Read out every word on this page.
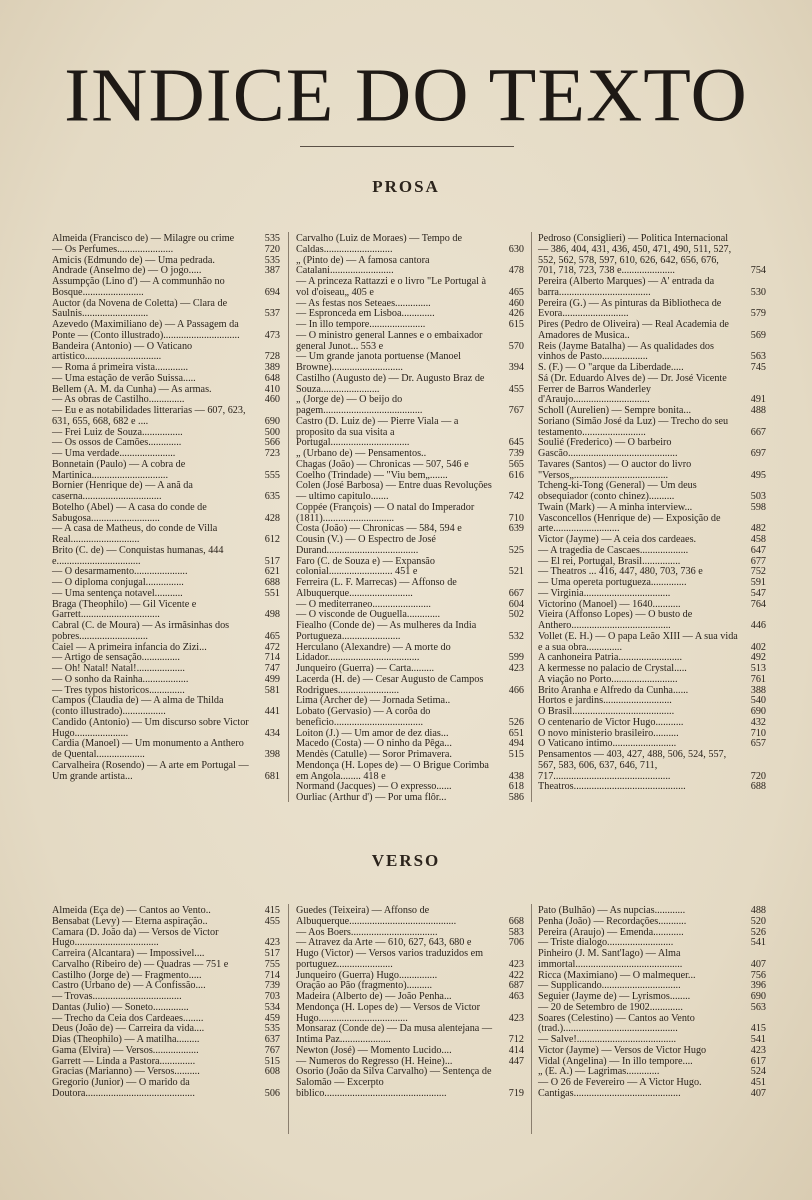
INDICE DO TEXTO
PROSA
Almeida (Francisco de) — Milagre ou crime	535
— Os Perfumes......................	720
Amicis (Edmundo de) — Uma pedrada.	535
Andrade (Anselmo de) — O jogo.....	387
Assumpção (Lino d') — A communhão no Bosque........................	694
Auctor (da Novena de Coletta) — Clara de Saulnis..........................	537
Azevedo (Maximiliano de) — A Passagem da Ponte — (Conto illustrado)..............................	473
Bandeira (Antonio) — O Vaticano artistico..............................	728
— Roma á primeira vista.............	389
— Uma estação de verão Suissa.....	648
Bellem (A. M. da Cunha) — As armas.	410
— As obras de Castilho..............	460
— Eu e as notabilidades litterarias — 607, 623, 631, 655, 668, 682 e ....	690
— Frei Luiz de Souza................	500
— Os ossos de Camões.............	566
— Uma verdade......................	723
Bonnetain (Paulo) — A cobra de Martinica..............................	555
Bornier (Henrique de) — A anã da caserna...............................	635
Botelho (Abel) — A casa do conde de Sabugosa...........................	428
— A casa de Matheus, do conde de Villa Real...........................	612
Brito (C. de) — Conquistas humanas, 444 e.................................	517
— O desarmamento.....................	621
— O diploma conjugal...............	688
— Uma sentença notavel...........	551
Braga (Theophilo) — Gil Vicente e Garrett...............................	498
Cabral (C. de Moura) — As irmãsinhas dos pobres...........................	465
Caiel — A primeira infancia do Zizi...	472
— Artigo de sensação...............	714
— Oh! Natal! Natal!...................	747
— O sonho da Rainha..................	499
— Tres typos historicos..............	581
Campos (Claudia de) — A alma de Thilda (conto illustrado).................	441
Candido (Antonio) — Um discurso sobre Victor Hugo.....................	434
Cardia (Manoel) — Um monumento a Anthero de Quental...................	398
Carvalheira (Rosendo) — A arte em Portugal — Um grande artista...	681
Carvalho (Luiz de Moraes) — Tempo de Caldas...........................	630
„ (Pinto de) — A famosa cantora Catalani.........................	478
— A princeza Rattazzi e o livro "Le Portugal à vol d'oiseau„ 405 e	465
— As festas nos Seteaes..............	460
— Espronceda em Lisboa.............	426
— In illo tempore......................	615
— O ministro general Lannes e o embaixador general Junot... 553 e	570
— Um grande janota portuense (Manoel Browne)............................	394
Castilho (Augusto de) — Dr. Augusto Braz de Souza.......................	455
„ (Jorge de) — O beijo do pagem.......................................	767
Castro (D. Luiz de) — Pierre Viala — a proposito da sua visita a Portugal...............................	645
„ (Urbano de) — Pensamentos..	739
Chagas (João) — Chronicas — 507, 546 e	565
Coelho (Trindade) — "Viu bem„.......	616
Colen (José Barbosa) — Entre duas Revoluções — ultimo capitulo.......	742
Coppée (François) — O natal do Imperador (1811)............................	710
Costa (João) — Chronicas — 584, 594 e	639
Cousin (V.) — O Espectro de José Durand....................................	525
Faro (C. de Souza e) — Expansão colonial......................... 451 e	521
Ferreira (L. F. Marrecas) — Affonso de Albuquerque.........................	667
— O mediterraneo.......................	604
— O visconde de Ouguella.............	502
Fiealho (Conde de) — As mulheres da India Portugueza.......................	532
Herculano (Alexandre) — A morte do Lidador....................................	599
Junqueiro (Guerra) — Carta.........	423
Lacerda (H. de) — Cesar Augusto de Campos Rodrigues........................	466
Lima (Archer de) — Jornada Setima..
Lobato (Gervasio) — A corôa do beneficio...................................	526
Loiton (J.) — Um amor de dez dias...	651
Macedo (Costa) — O ninho da Pêga...	494
Mendès (Catulle) — Soror Primavera.	515
Mendonça (H. Lopes de) — O Brigue Corimba em Angola........ 418 e	438
Normand (Jacques) — O expresso......	618
Ourliac (Arthur d') — Por uma flôr...	586
Pedroso (Consiglieri) — Politica Internacional — 386, 404, 431, 436, 450, 471, 490, 511, 527, 552, 562, 578, 597, 610, 626, 642, 656, 676, 701, 718, 723, 738 e.....................	754
Pereira (Alberto Marques) — A' entrada da barra....................................	530
Pereira (G.) — As pinturas da Bibliotheca de Evora..........................	579
Pires (Pedro de Oliveira) — Real Academia de Amadores de Musica..	569
Reis (Jayme Batalha) — As qualidades dos vinhos de Pasto..................	563
S. (F.) — O "arque da Liberdade.....	745
Sá (Dr. Eduardo Alves de) — Dr. José Vicente Ferrer de Barros Wanderley d'Araujo..............................	491
Scholl (Aurelien) — Sempre bonita...	488
Soriano (Simão José da Luz) — Trecho do seu testamento.........................	667
Soulié (Frederico) — O barbeiro Gascão...........................................	697
Tavares (Santos) — O auctor do livro "Versos„.....................................	495
Tcheng-ki-Tong (General) — Um deus obsequiador (conto chinez)..........	503
Twain (Mark) — A minha interview...	598
Vasconcellos (Henrique de) — Exposição de arte..........................	482
Victor (Jayme) — A ceia dos cardeaes.	458
— A tragedia de Cascaes...................	647
— El rei, Portugal, Brasil...............	677
— Theatros ... 416, 447, 480, 703, 736 e	752
— Uma opereta portugueza..............	591
— Virginia..................................	547
Victorino (Manoel) — 1640...........	764
Vieira (Affonso Lopes) — O busto de Anthero.......................................	446
Vollet (E. H.) — O papa Leão XIII — A sua vida e a sua obra..............	402
A canhoneira Patria.........................	492
A kermesse no palacio de Crystal.....	513
A viação no Porto..........................	761
Brito Aranha e Alfredo da Cunha......	388
Hortos e jardins...........................	540
O Brasil........................................	690
O centenario de Victor Hugo...........	432
O novo ministerio brasileiro..........	710
O Vaticano intimo.........................	657
Pensamentos — 403, 427, 488, 506, 524, 557, 567, 583, 606, 637, 646, 711, 717..............................................	720
Theatros............................................	688
VERSO
Almeida (Eça de) — Cantos ao Vento..	415
Bensabat (Levy) — Eterna aspiração..	455
Camara (D. João da) — Versos de Victor Hugo.................................	423
Carreira (Alcantara) — Impossivel....	517
Carvalho (Ribeiro de) — Quadras — 751 e	755
Castilho (Jorge de) — Fragmento.....	714
Castro (Urbano de) — A Confissão....	739
— Trovas...................................	703
Dantas (Julio) — Soneto..............	534
— Trecho da Ceia dos Cardeaes........	459
Deus (João de) — Carreira da vida....	535
Dias (Theophilo) — A matilha.........	637
Gama (Elvira) — Versos..................	767
Garrett — Linda a Pastora..............	515
Gracias (Marianno) — Versos..........	608
Gregorio (Junior) — O marido da Doutora...........................................	506
Guedes (Teixeira) — Affonso de Albuquerque..........................................	668
— Aos Boers..................................	583
— Atravez da Arte — 610, 627, 643, 680 e	706
Hugo (Victor) — Versos varios traduzidos em portuguez......................	423
Junqueiro (Guerra) Hugo...............	422
Oração ao Pão (fragmento)..........	687
Madeira (Alberto de) — João Penha...	463
Mendonça (H. Lopes de) — Versos de Victor Hugo...................................	423
Monsaraz (Conde de) — Da musa alentejana — Intima Paz....................	712
Newton (José) — Momento Lucido....	414
— Numeros do Regresso (H. Heine)...	447
Osorio (João da Silva Carvalho) — Sentença de Salomão — Excerpto biblico................................................	719
Pato (Bulhão) — As nupcias............	488
Penha (João) — Recordações...........	520
Pereira (Araujo) — Emenda............	526
— Triste dialogo..........................	541
Pinheiro (J. M. Sant'Iago) — Alma immortal..........................................	407
Ricca (Maximiano) — O malmequer...	756
— Supplicando...............................	396
Seguier (Jayme de) — Lyrismos........	690
— 20 de Setembro de 1902.............	563
Soares (Celestino) — Cantos ao Vento (trad.).............................................	415
— Salve!.......................................	541
Victor (Jayme) — Versos de Victor Hugo	423
Vidal (Angelina) — In illo tempore....	617
„ (E. A.) — Lagrimas.............	524
— O 26 de Fevereiro — A Victor Hugo.	451
Cantigas..........................................	407
